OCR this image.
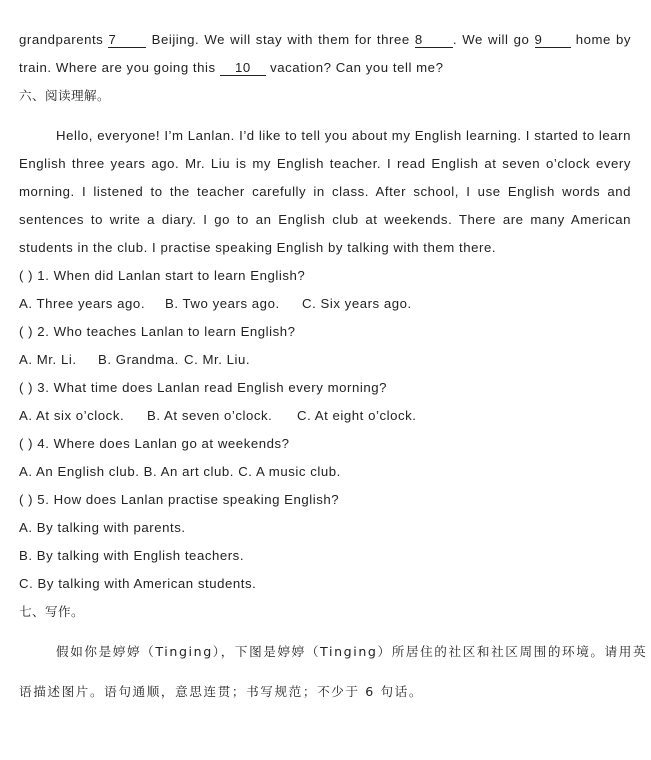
grandparents 7	Beijing. We will stay with them for three 8 . We will go 9	home by
train. Where are you going this 10 vacation? Can you tell me?
六、阅读理解。
Hello, everyone! I’m Lanlan. I’d like to tell you about my English learning. I started to learn
English three years ago. Mr. Liu is my English teacher. I read English at seven o’clock every
morning. I listened to the teacher carefully in class. After school, I use English words and
sentences to write a diary. I go to an English club at weekends. There are many American
students in the club. I practise speaking English by talking with them there.
( ) 1. When did Lanlan start to learn English?
A. Three years ago. B. Two years ago. C. Six years ago.
( ) 2. Who teaches Lanlan to learn English?
A. Mr. Li. B. Grandma. C. Mr. Liu.
( ) 3. What time does Lanlan read English every morning?
A. At six o’clock. B. At seven o’clock. C. At eight o’clock.
( ) 4. Where does Lanlan go at weekends?
A. An English club. B. An art club. C. A music club.
( ) 5. How does Lanlan practise speaking English?
A. By talking with parents.
B. By talking with English teachers.
C. By talking with American students.
七、写作。
假如你是婷婷（Tinging），下图是婷婷（Tinging）所居住的社区和社区周围的环境。请用英
语描述图片。语句通顺，意思连贯；书写规范；不少于 6 句话。
